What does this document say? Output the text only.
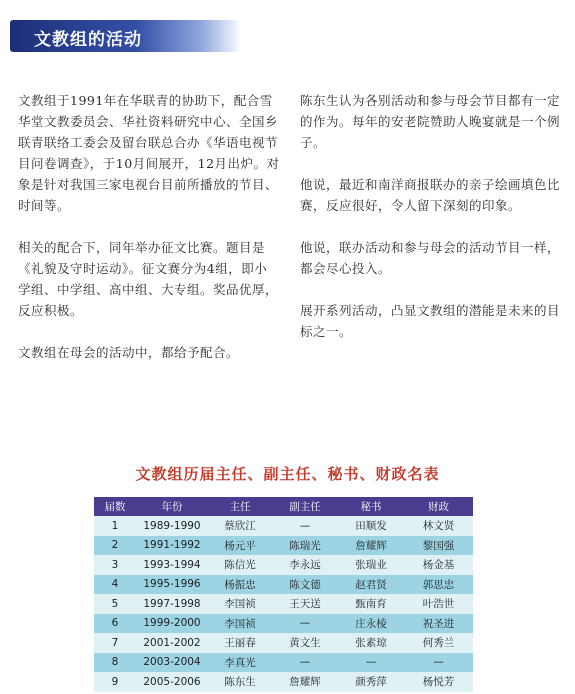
文教组的活动

文教组于1991年在华联青的协助下，配合雪华堂文教委员会、华社资料研究中心、全国乡联青联络工委会及留台联总合办《华语电视节目问卷调查》，于10月间展开，12月出炉。对象是针对我国三家电视台目前所播放的节目、时间等。

相关的配合下，同年举办征文比赛。题目是《礼貌及守时运动》。征文赛分为4组，即小学组、中学组、高中组、大专组。奖品优厚，反应积极。

文教组在母会的活动中，都给予配合。

陈东生认为各别活动和参与母会节目都有一定的作为。每年的安老院赞助人晚宴就是一个例子。

他说，最近和南洋商报联办的亲子绘画填色比赛，反应很好，令人留下深刻的印象。

他说，联办活动和参与母会的活动节目一样，都会尽心投入。

展开系列活动，凸显文教组的潜能是未来的目标之一。

文教组历届主任、副主任、秘书、财政名表
届数	年份	主任	副主任	秘书	财政
1	1989-1990	蔡欣江	—	田顺发	林文贤
2	1991-1992	杨元平	陈瑞光	詹耀辉	黎国强
3	1993-1994	陈信光	李永远	张瑞业	杨金基
4	1995-1996	杨振忠	陈文德	赵君贤	郭思忠
5	1997-1998	李国祯	王天送	甄南育	叶浩世
6	1999-2000	李国祯	—	庄永棱	祝圣进
7	2001-2002	王丽春	黄文生	张素琼	何秀兰
8	2003-2004	李真光	—	—	—
9	2005-2006	陈东生	詹耀辉	颜秀萍	杨悦芳
